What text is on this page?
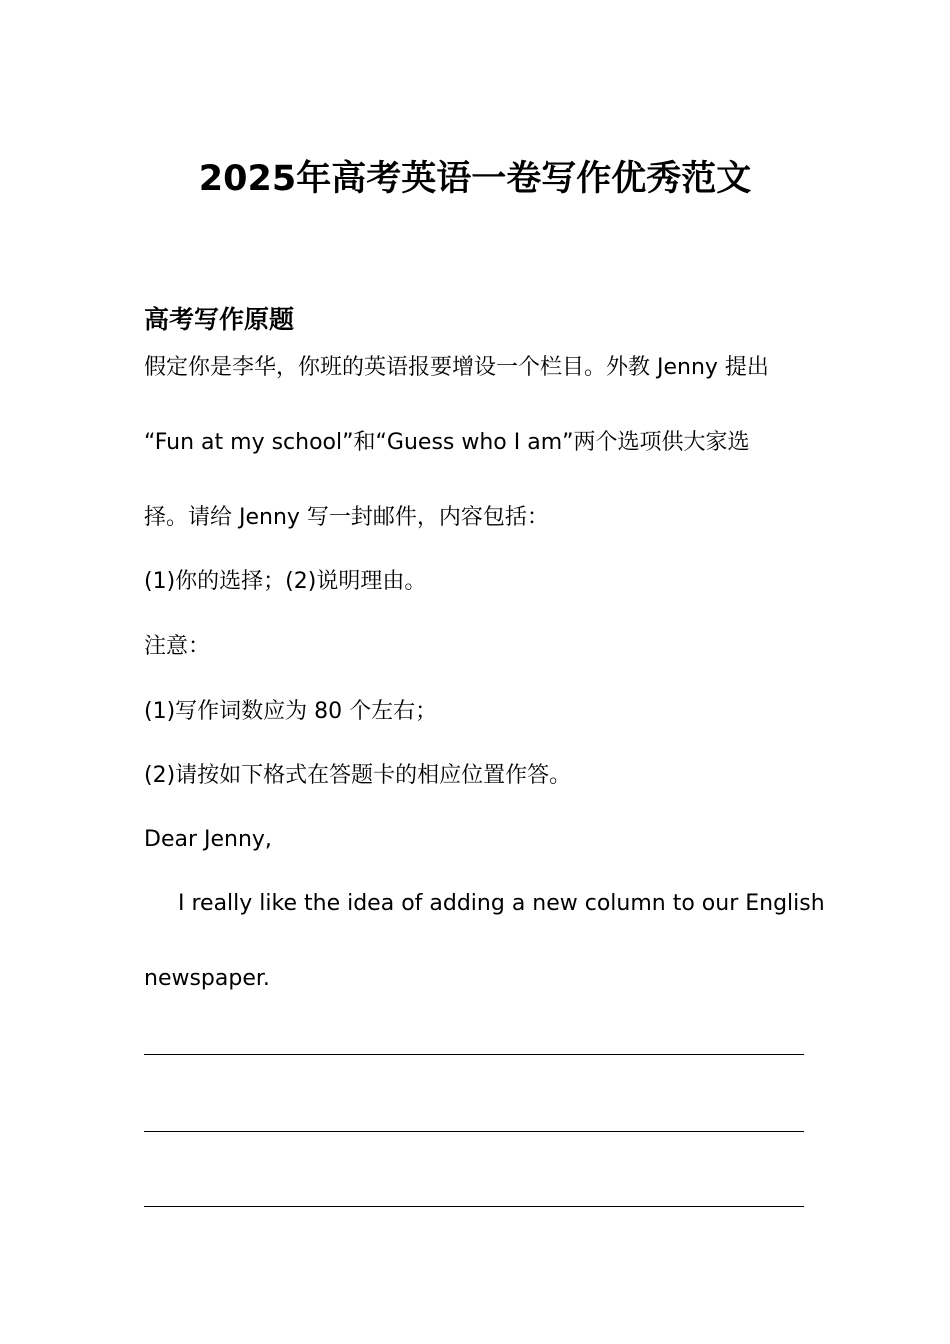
2025年高考英语一卷写作优秀范文
高考写作原题
假定你是李华，你班的英语报要增设一个栏目。外教 Jenny 提出
“Fun at my school”和“Guess who I am”两个选项供大家选
择。请给 Jenny 写一封邮件，内容包括：
(1)你的选择；(2)说明理由。
注意：
(1)写作词数应为 80 个左右；
(2)请按如下格式在答题卡的相应位置作答。
Dear Jenny,
I really like the idea of adding a new column to our English
newspaper.
